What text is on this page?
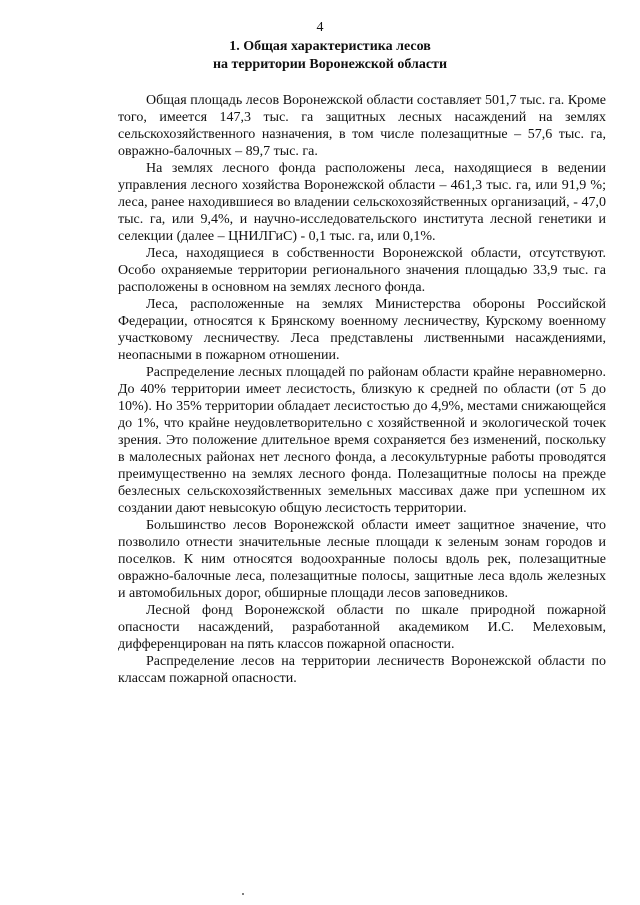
4
1. Общая характеристика лесов
на территории Воронежской области

Общая площадь лесов Воронежской области составляет 501,7 тыс. га. Кроме того, имеется 147,3 тыс. га защитных лесных насаждений на землях сельскохозяйственного назначения, в том числе полезащитные – 57,6 тыс. га, овражно-балочных – 89,7 тыс. га.

На землях лесного фонда расположены леса, находящиеся в ведении управления лесного хозяйства Воронежской области – 461,3 тыс. га, или 91,9 %; леса, ранее находившиеся во владении сельскохозяйственных организаций, - 47,0 тыс. га, или 9,4%, и научно-исследовательского института лесной генетики и селекции (далее – ЦНИЛГиС) - 0,1 тыс. га, или 0,1%.

Леса, находящиеся в собственности Воронежской области, отсутствуют. Особо охраняемые территории регионального значения площадью 33,9 тыс. га расположены в основном на землях лесного фонда.

Леса, расположенные на землях Министерства обороны Российской Федерации, относятся к Брянскому военному лесничеству, Курскому военному участковому лесничеству. Леса представлены лиственными насаждениями, неопасными в пожарном отношении.

Распределение лесных площадей по районам области крайне неравномерно. До 40% территории имеет лесистость, близкую к средней по области (от 5 до 10%). Но 35% территории обладает лесистостью до 4,9%, местами снижающейся до 1%, что крайне неудовлетворительно с хозяйственной и экологической точек зрения. Это положение длительное время сохраняется без изменений, поскольку в малолесных районах нет лесного фонда, а лесокультурные работы проводятся преимущественно на землях лесного фонда. Полезащитные полосы на прежде безлесных сельскохозяйственных земельных массивах даже при успешном их создании дают невысокую общую лесистость территории.

Большинство лесов Воронежской области имеет защитное значение, что позволило отнести значительные лесные площади к зеленым зонам городов и поселков. К ним относятся водоохранные полосы вдоль рек, полезащитные овражно-балочные леса, полезащитные полосы, защитные леса вдоль железных и автомобильных дорог, обширные площади лесов заповедников.

Лесной фонд Воронежской области по шкале природной пожарной опасности насаждений, разработанной академиком И.С. Мелеховым, дифференцирован на пять классов пожарной опасности.

Распределение лесов на территории лесничеств Воронежской области по классам пожарной опасности.
